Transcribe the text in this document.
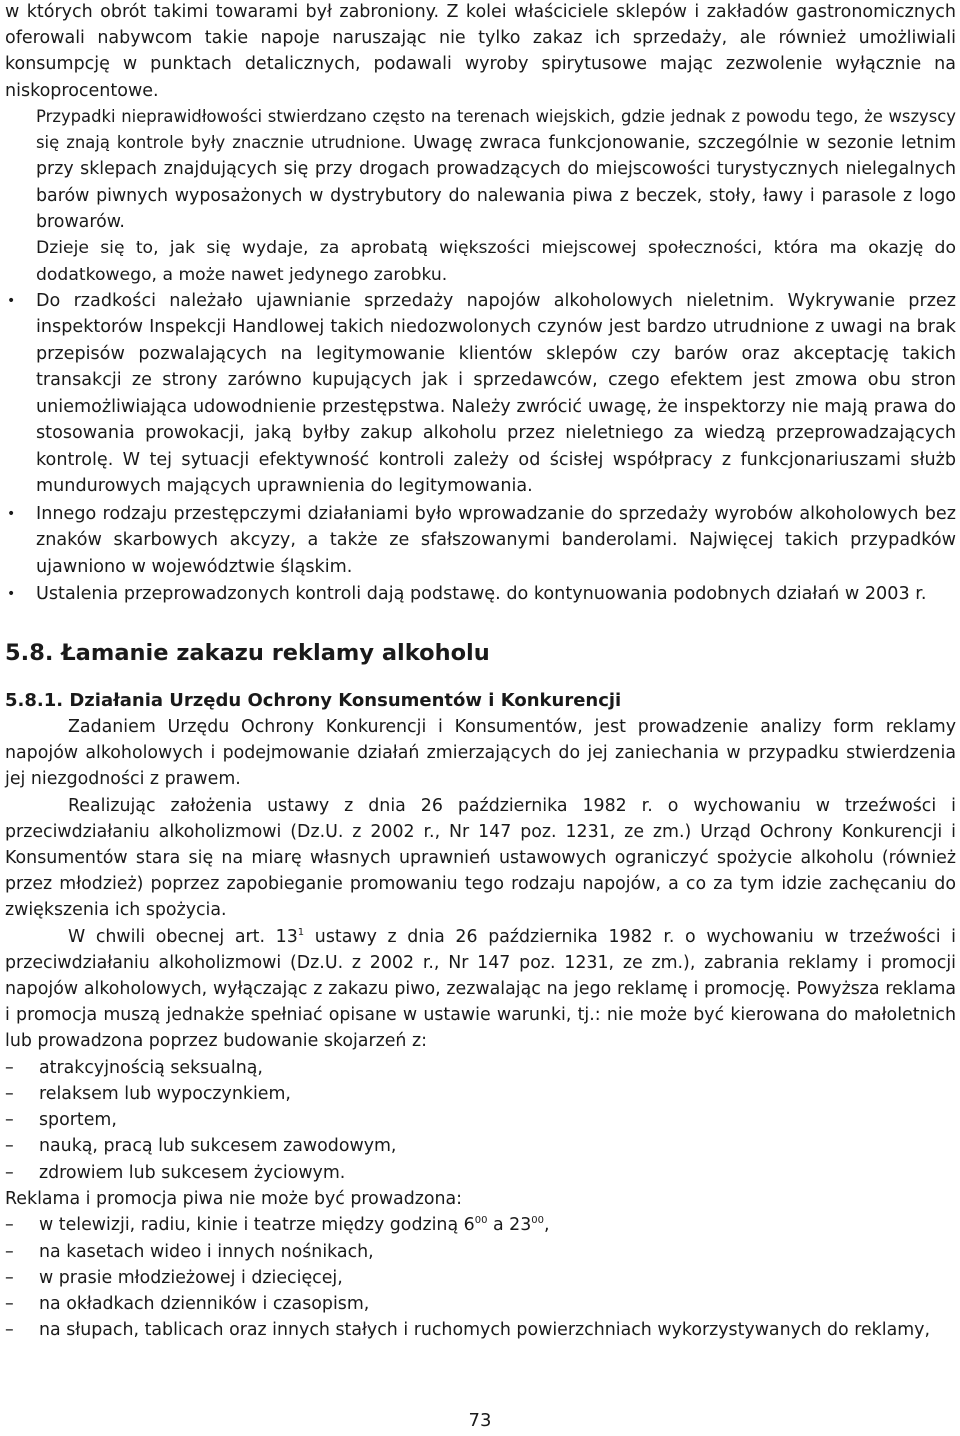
w których obrót takimi towarami był zabroniony. Z kolei właściciele sklepów i zakładów gastronomicznych oferowali nabywcom takie napoje naruszając nie tylko zakaz ich sprzedaży, ale również umożliwiali konsumpcję w punktach detalicznych, podawali wyroby spirytusowe mając zezwolenie wyłącznie na niskoprocentowe.

Przypadki nieprawidłowości stwierdzano często na terenach wiejskich, gdzie jednak z powodu tego, że wszyscy się znają kontrole były znacznie utrudnione. Uwagę zwraca funkcjonowanie, szczególnie w sezonie letnim przy sklepach znajdujących się przy drogach prowadzących do miejscowości turystycznych nielegalnych barów piwnych wyposażonych w dystrybutory do nalewania piwa z beczek, stoły, ławy i parasole z logo browarów.

Dzieje się to, jak się wydaje, za aprobatą większości miejscowej społeczności, która ma okazję do dodatkowego, a może nawet jedynego zarobku.

• Do rzadkości należało ujawnianie sprzedaży napojów alkoholowych nieletnim. Wykrywanie przez inspektorów Inspekcji Handlowej takich niedozwolonych czynów jest bardzo utrudnione z uwagi na brak przepisów pozwalających na legitymowanie klientów sklepów czy barów oraz akceptację takich transakcji ze strony zarówno kupujących jak i sprzedawców, czego efektem jest zmowa obu stron uniemożliwiająca udowodnienie przestępstwa. Należy zwrócić uwagę, że inspektorzy nie mają prawa do stosowania prowokacji, jaką byłby zakup alkoholu przez nieletniego za wiedzą przeprowadzających kontrolę. W tej sytuacji efektywność kontroli zależy od ścisłej współpracy z funkcjonariuszami służb mundurowych mających uprawnienia do legitymowania.
• Innego rodzaju przestępczymi działaniami było wprowadzanie do sprzedaży wyrobów alkoholowych bez znaków skarbowych akcyzy, a także ze sfałszowanymi banderolami. Najwięcej takich przypadków ujawniono w województwie śląskim.
• Ustalenia przeprowadzonych kontroli dają podstawę. do kontynuowania podobnych działań w 2003 r.
5.8. Łamanie zakazu reklamy alkoholu
5.8.1. Działania Urzędu Ochrony Konsumentów i Konkurencji

Zadaniem Urzędu Ochrony Konkurencji i Konsumentów, jest prowadzenie analizy form reklamy napojów alkoholowych i podejmowanie działań zmierzających do jej zaniechania w przypadku stwierdzenia jej niezgodności z prawem.

Realizując założenia ustawy z dnia 26 października 1982 r. o wychowaniu w trzeźwości i przeciwdziałaniu alkoholizmowi (Dz.U. z 2002 r., Nr 147 poz. 1231, ze zm.) Urząd Ochrony Konkurencji i Konsumentów stara się na miarę własnych uprawnień ustawowych ograniczyć spożycie alkoholu (również przez młodzież) poprzez zapobieganie promowaniu tego rodzaju napojów, a co za tym idzie zachęcaniu do zwiększenia ich spożycia.

W chwili obecnej art. $13^1$ ustawy z dnia 26 października 1982 r. o wychowaniu w trzeźwości i przeciwdziałaniu alkoholizmowi (Dz.U. z 2002 r., Nr 147 poz. 1231, ze zm.), zabrania reklamy i promocji napojów alkoholowych, wyłączając z zakazu piwo, zezwalając na jego reklamę i promocję. Powyższa reklama i promocja muszą jednakże spełniać opisane w ustawie warunki, tj.: nie może być kierowana do małoletnich lub prowadzona poprzez budowanie skojarzeń z:

– atrakcyjnością seksualną,
– relaksem lub wypoczynkiem,
– sportem,
– nauką, pracą lub sukcesem zawodowym,
– zdrowiem lub sukcesem życiowym.

Reklama i promocja piwa nie może być prowadzona:

– w telewizji, radiu, kinie i teatrze między godziną $6^{00}$ a $23^{00}$,
– na kasetach wideo i innych nośnikach,
– w prasie młodzieżowej i dziecięcej,
– na okładkach dzienników i czasopism,
– na słupach, tablicach oraz innych stałych i ruchomych powierzchniach wykorzystywanych do reklamy,
73
